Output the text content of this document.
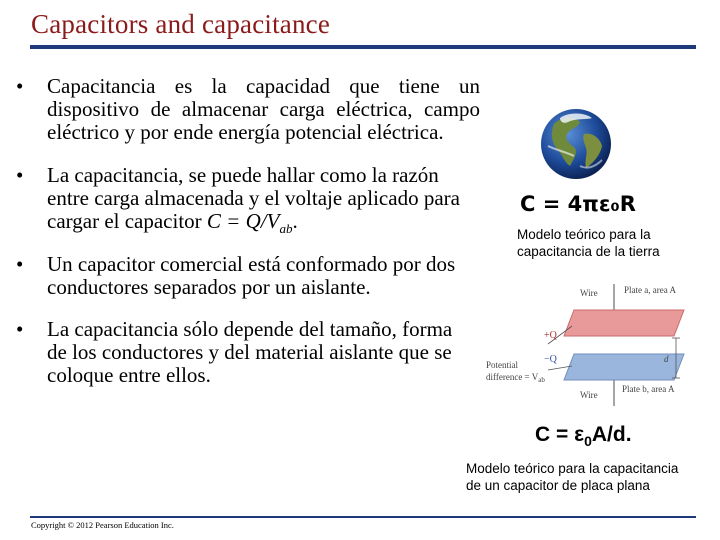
Capacitors and capacitance
• Capacitancia es la capacidad que tiene un dispositivo de almacenar carga eléctrica, campo eléctrico y por ende energía potencial eléctrica.
• La capacitancia, se puede hallar como la razón entre carga almacenada y el voltaje aplicado para cargar el capacitor $C = Q/V_{ab}$.
• Un capacitor comercial está conformado por dos conductores separados por un aislante.
• La capacitancia sólo depende del tamaño, forma de los conductores y del material aislante que se coloque entre ellos.
C = 4πε₀R
Modelo teórico para la capacitancia de la tierra
Wire	Plate a, area A
+Q
−Q
Potential
difference = $V_{ab}$
d
Wire
Plate b, area A
$C = \varepsilon_0A/d$.
Modelo teórico para la capacitancia de un capacitor de placa plana
Copyright © 2012 Pearson Education Inc.
